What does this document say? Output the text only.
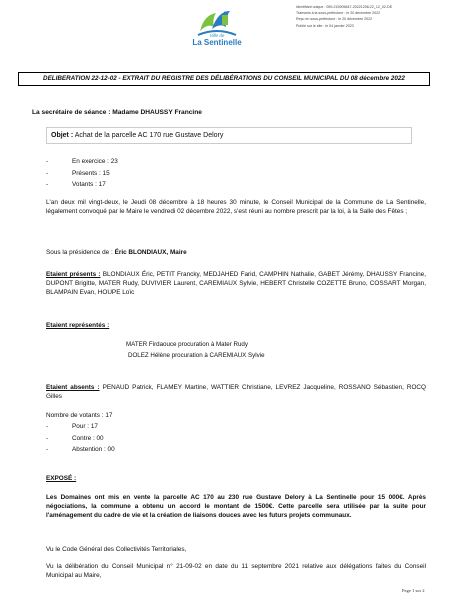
Identifiant unique : 059-215905647-20221208-22_12_02-DE
Transmis à la sous-préfecture : le 20 décembre 2022
Reçu en sous-préfecture : le 20 décembre 2022
Publié sur le site : le 04 janvier 2023
Ville de
La Sentinelle
DELIBERATION 22-12-02 - EXTRAIT DU REGISTRE DES DÉLIBÉRATIONS DU CONSEIL MUNICIPAL DU 08 décembre 2022
La secrétaire de séance : Madame DHAUSSY Francine
Objet : Achat de la parcelle AC 170 rue Gustave Delory
-	En exercice : 23
-	Présents : 15
-	Votants : 17
L'an deux mil vingt-deux, le Jeudi 08 décembre à 18 heures 30 minute, le Conseil Municipal de la Commune de La Sentinelle, légalement convoqué par le Maire le vendredi 02 décembre 2022, s'est réuni au nombre prescrit par la loi, à la Salle des Fêtes ;
Sous la présidence de : Éric BLONDIAUX, Maire
Etaient présents : BLONDIAUX Éric, PETIT Francky, MEDJAHED Farid, CAMPHIN Nathalie, GABET Jérémy, DHAUSSY Francine, DUPONT Brigitte, MATER Rudy, DUVIVIER Laurent, CAREMIAUX Sylvie, HEBERT Christelle COZETTE Bruno, COSSART Morgan, BLAMPAIN Evan, HOUPE Loïc
Etaient représentés :
MATER Firdaouce procuration à Mater Rudy
DOLEZ Hélène procuration à CAREMIAUX Sylvie
Etaient absents : PENAUD Patrick, FLAMEY Martine, WATTIER Christiane, LEVREZ Jacqueline, ROSSANO Sébastien, ROCQ Gilles
Nombre de votants : 17
-	Pour : 17
-	Contre : 00
-	Abstention : 00
EXPOSÉ :
Les Domaines ont mis en vente la parcelle AC 170 au 230 rue Gustave Delory à La Sentinelle pour 15 000€. Après négociations, la commune a obtenu un accord le montant de 1500€. Cette parcelle sera utilisée par la suite pour l'aménagement du cadre de vie et la création de liaisons douces avec les futurs projets communaux.
Vu le Code Général des Collectivités Territoriales,
Vu la délibération du Conseil Municipal n° 21-09-02 en date du 11 septembre 2021 relative aux délégations faites du Conseil Municipal au Maire,
Page 1 sur 2
